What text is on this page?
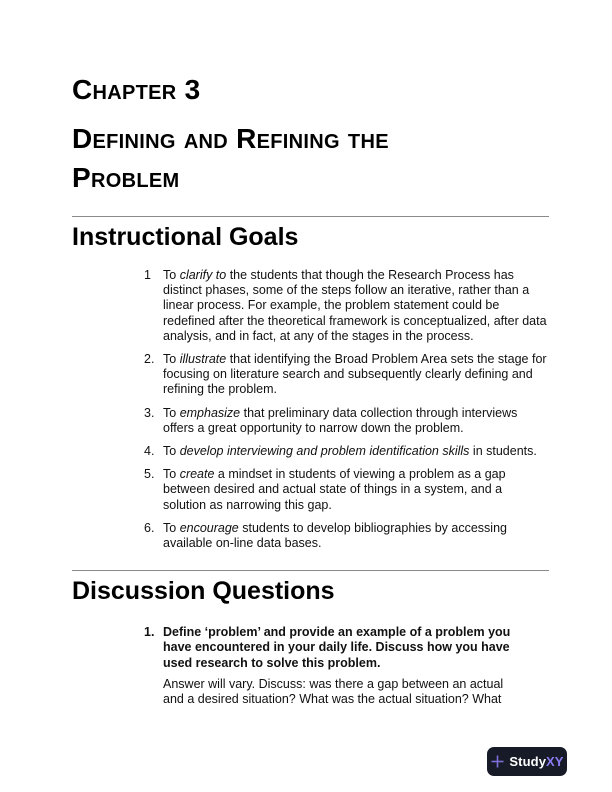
Chapter 3
Defining and Refining the Problem
Instructional Goals
1 To clarify to the students that though the Research Process has distinct phases, some of the steps follow an iterative, rather than a linear process. For example, the problem statement could be redefined after the theoretical framework is conceptualized, after data analysis, and in fact, at any of the stages in the process.
2. To illustrate that identifying the Broad Problem Area sets the stage for focusing on literature search and subsequently clearly defining and refining the problem.
3. To emphasize that preliminary data collection through interviews offers a great opportunity to narrow down the problem.
4. To develop interviewing and problem identification skills in students.
5. To create a mindset in students of viewing a problem as a gap between desired and actual state of things in a system, and a solution as narrowing this gap.
6. To encourage students to develop bibliographies by accessing available on-line data bases.
Discussion Questions
1. Define ‘problem’ and provide an example of a problem you have encountered in your daily life. Discuss how you have used research to solve this problem.
Answer will vary. Discuss: was there a gap between an actual and a desired situation? What was the actual situation? What
StudyXY
